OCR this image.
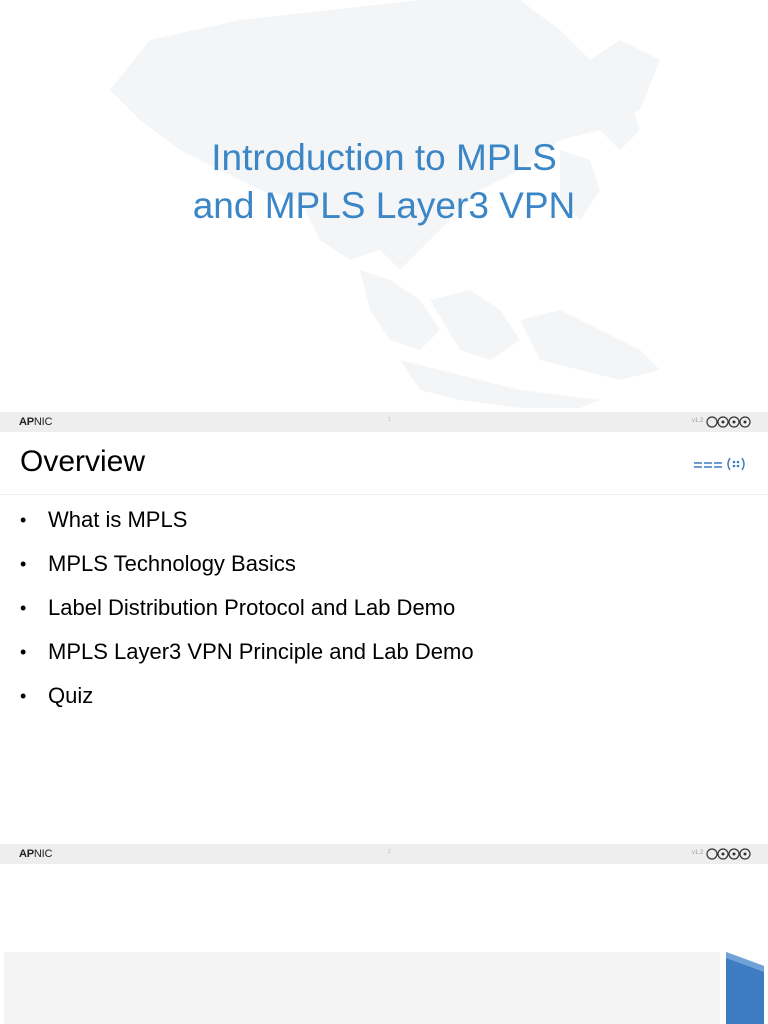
Introduction to MPLS
and MPLS Layer3 VPN
APNIC	1	v1.2
Overview
• What is MPLS
• MPLS Technology Basics
• Label Distribution Protocol and Lab Demo
• MPLS Layer3 VPN Principle and Lab Demo
• Quiz
APNIC	2	v1.2
